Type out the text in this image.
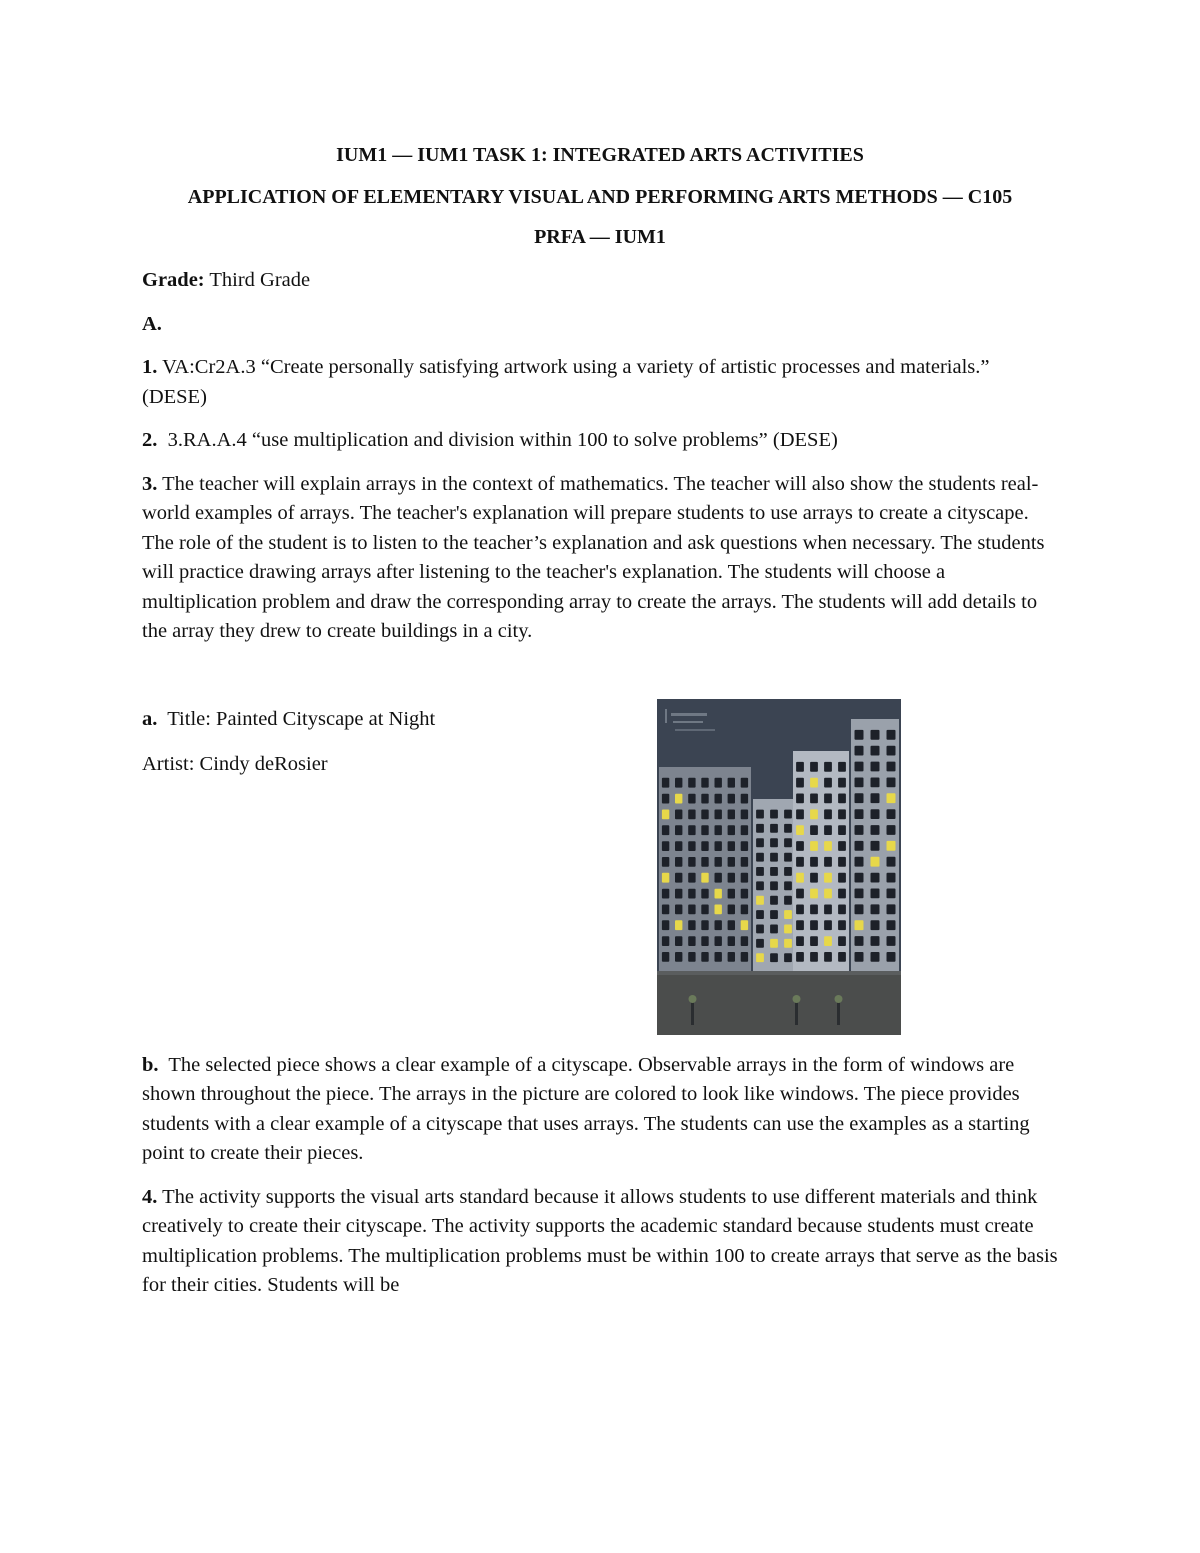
IUM1 — IUM1 TASK 1: INTEGRATED ARTS ACTIVITIES
APPLICATION OF ELEMENTARY VISUAL AND PERFORMING ARTS METHODS — C105
PRFA — IUM1

Grade: Third Grade

A.

1. VA:Cr2A.3 “Create personally satisfying artwork using a variety of artistic processes and materials.” (DESE)

2.  3.RA.A.4 “use multiplication and division within 100 to solve problems” (DESE)

3. The teacher will explain arrays in the context of mathematics. The teacher will also show the students real-world examples of arrays. The teacher's explanation will prepare students to use arrays to create a cityscape. The role of the student is to listen to the teacher’s explanation and ask questions when necessary. The students will practice drawing arrays after listening to the teacher's explanation. The students will choose a multiplication problem and draw the corresponding array to create the arrays. The students will add details to the array they drew to create buildings in a city.

a.  Title: Painted Cityscape at Night

Artist: Cindy deRosier

b.  The selected piece shows a clear example of a cityscape. Observable arrays in the form of windows are shown throughout the piece. The arrays in the picture are colored to look like windows. The piece provides students with a clear example of a cityscape that uses arrays. The students can use the examples as a starting point to create their pieces.

4. The activity supports the visual arts standard because it allows students to use different materials and think creatively to create their cityscape. The activity supports the academic standard because students must create multiplication problems. The multiplication problems must be within 100 to create arrays that serve as the basis for their cities. Students will be
